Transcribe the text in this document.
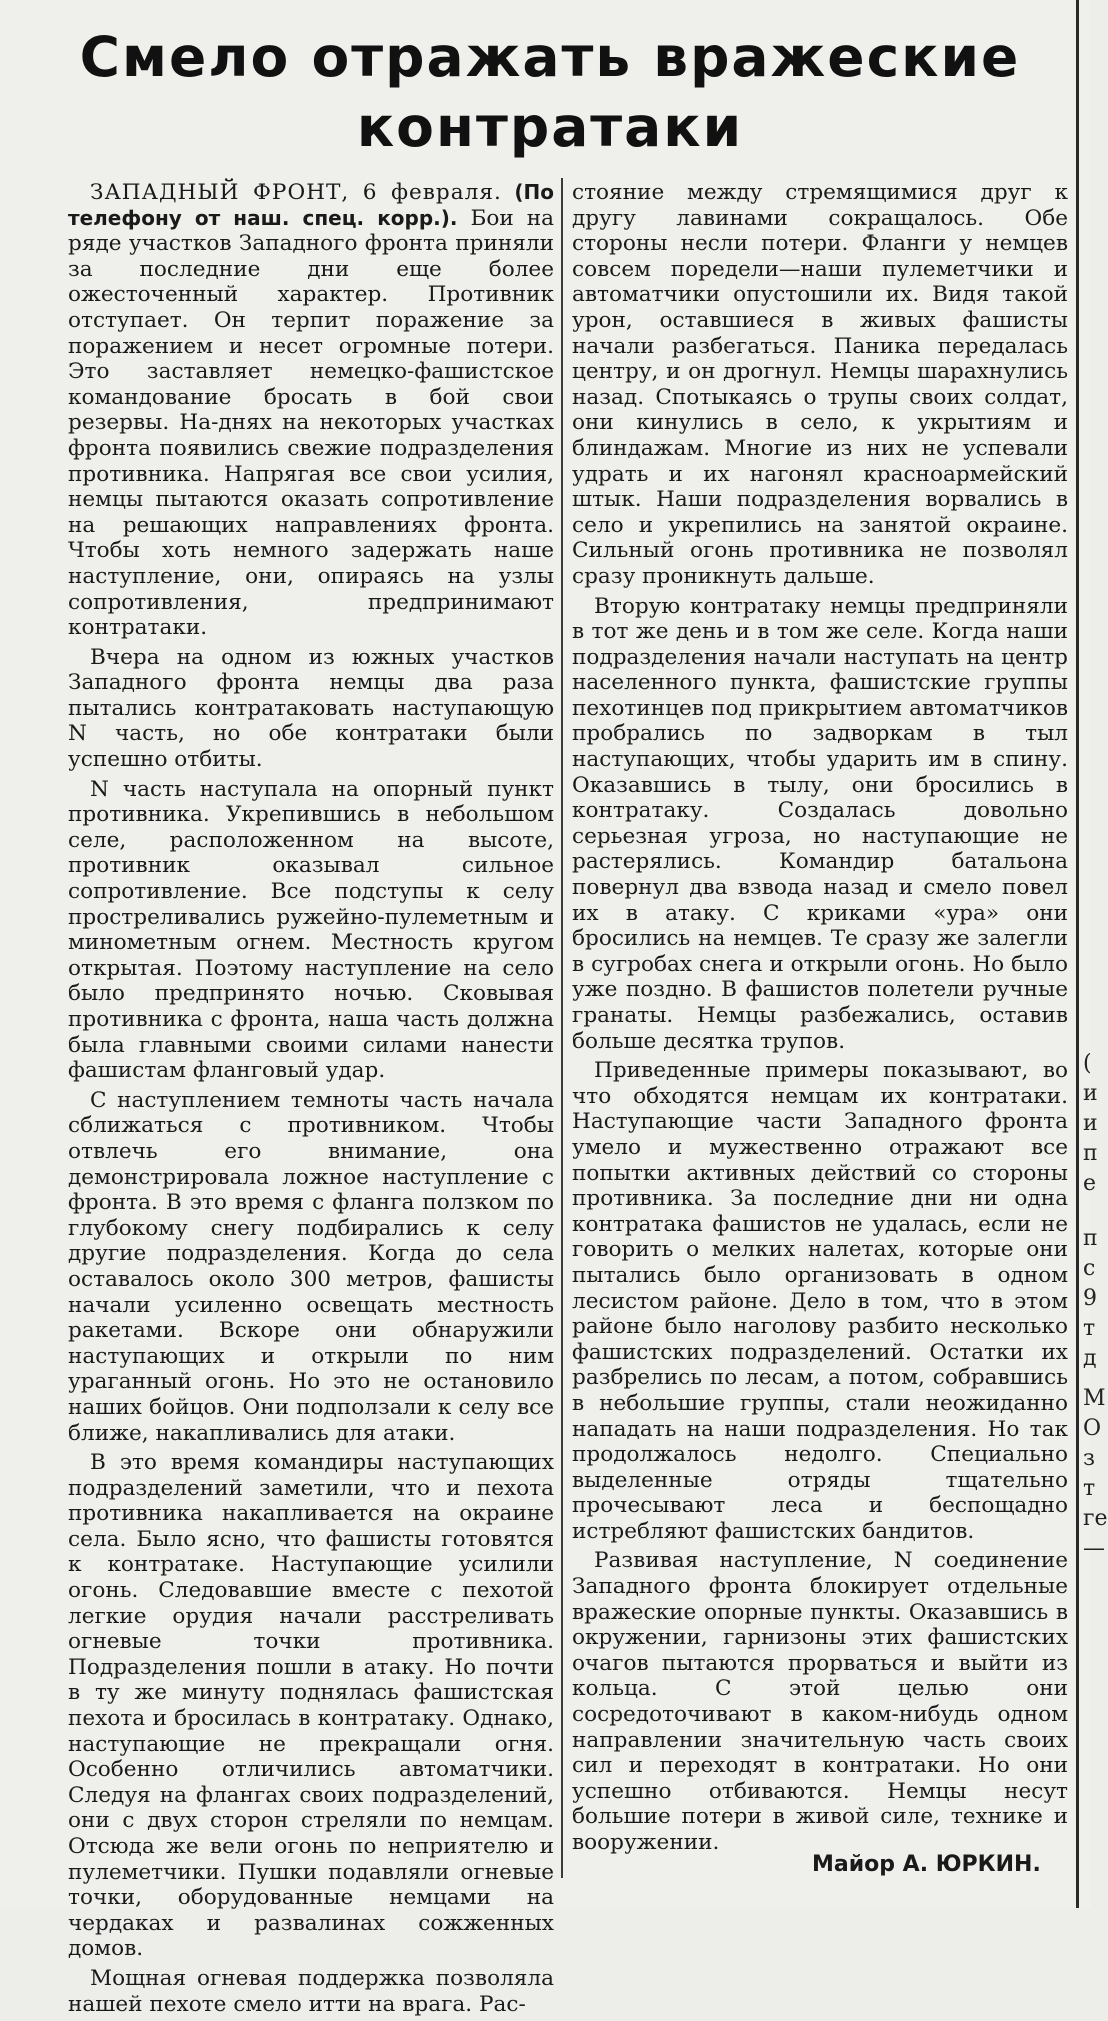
Смело отражать вражеские
контратаки

ЗАПАДНЫЙ ФРОНТ, 6 февраля. (По телефону от наш. спец. корр.). Бои на ряде участков Западного фронта приняли за последние дни еще более ожесточенный характер. Противник отступает. Он терпит поражение за поражением и несет огромные потери. Это заставляет немецко-фашистское командование бросать в бой свои резервы. На-днях на некоторых участках фронта появились свежие подразделения противника. Напрягая все свои усилия, немцы пытаются оказать сопротивление на решающих направлениях фронта. Чтобы хоть немного задержать наше наступление, они, опираясь на узлы сопротивления, предпринимают контратаки.

Вчера на одном из южных участков Западного фронта немцы два раза пытались контратаковать наступающую N часть, но обе контратаки были успешно отбиты.

N часть наступала на опорный пункт противника. Укрепившись в небольшом селе, расположенном на высоте, противник оказывал сильное сопротивление. Все подступы к селу простреливались ружейно-пулеметным и минометным огнем. Местность кругом открытая. Поэтому наступление на село было предпринято ночью. Сковывая противника с фронта, наша часть должна была главными своими силами нанести фашистам фланговый удар.

С наступлением темноты часть начала сближаться с противником. Чтобы отвлечь его внимание, она демонстрировала ложное наступление с фронта. В это время с фланга ползком по глубокому снегу подбирались к селу другие подразделения. Когда до села оставалось около 300 метров, фашисты начали усиленно освещать местность ракетами. Вскоре они обнаружили наступающих и открыли по ним ураганный огонь. Но это не остановило наших бойцов. Они подползали к селу все ближе, накапливались для атаки.

В это время командиры наступающих подразделений заметили, что и пехота противника накапливается на окраине села. Было ясно, что фашисты готовятся к контратаке. Наступающие усилили огонь. Следовавшие вместе с пехотой легкие орудия начали расстреливать огневые точки противника. Подразделения пошли в атаку. Но почти в ту же минуту поднялась фашистская пехота и бросилась в контратаку. Однако, наступающие не прекращали огня. Особенно отличились автоматчики. Следуя на флангах своих подразделений, они с двух сторон стреляли по немцам. Отсюда же вели огонь по неприятелю и пулеметчики. Пушки подавляли огневые точки, оборудованные немцами на чердаках и развалинах сожженных домов.

Мощная огневая поддержка позволяла нашей пехоте смело итти на врага. Рас-

стояние между стремящимися друг к другу лавинами сокращалось. Обе стороны несли потери. Фланги у немцев совсем поредели—наши пулеметчики и автоматчики опустошили их. Видя такой урон, оставшиеся в живых фашисты начали разбегаться. Паника передалась центру, и он дрогнул. Немцы шарахнулись назад. Спотыкаясь о трупы своих солдат, они кинулись в село, к укрытиям и блиндажам. Многие из них не успевали удрать и их нагонял красноармейский штык. Наши подразделения ворвались в село и укрепились на занятой окраине. Сильный огонь противника не позволял сразу проникнуть дальше.

Вторую контратаку немцы предприняли в тот же день и в том же селе. Когда наши подразделения начали наступать на центр населенного пункта, фашистские группы пехотинцев под прикрытием автоматчиков пробрались по задворкам в тыл наступающих, чтобы ударить им в спину. Оказавшись в тылу, они бросились в контратаку. Создалась довольно серьезная угроза, но наступающие не растерялись. Командир батальона повернул два взвода назад и смело повел их в атаку. С криками «ура» они бросились на немцев. Те сразу же залегли в сугробах снега и открыли огонь. Но было уже поздно. В фашистов полетели ручные гранаты. Немцы разбежались, оставив больше десятка трупов.

Приведенные примеры показывают, во что обходятся немцам их контратаки. Наступающие части Западного фронта умело и мужественно отражают все попытки активных действий со стороны противника. За последние дни ни одна контратака фашистов не удалась, если не говорить о мелких налетах, которые они пытались было организовать в одном лесистом районе. Дело в том, что в этом районе было наголову разбито несколько фашистских подразделений. Остатки их разбрелись по лесам, а потом, собравшись в небольшие группы, стали неожиданно нападать на наши подразделения. Но так продолжалось недолго. Специально выделенные отряды тщательно прочесывают леса и беспощадно истребляют фашистских бандитов.

Развивая наступление, N соединение Западного фронта блокирует отдельные вражеские опорные пункты. Оказавшись в окружении, гарнизоны этих фашистских очагов пытаются прорваться и выйти из кольца. С этой целью они сосредоточивают в каком-нибудь одном направлении значительную часть своих сил и переходят в контратаки. Но они успешно отбиваются. Немцы несут большие потери в живой силе, технике и вооружении.

Майор А. ЮРКИН.
(
и
и
п
е
п
с
9
т
д
М
О
з
т
ге
—
